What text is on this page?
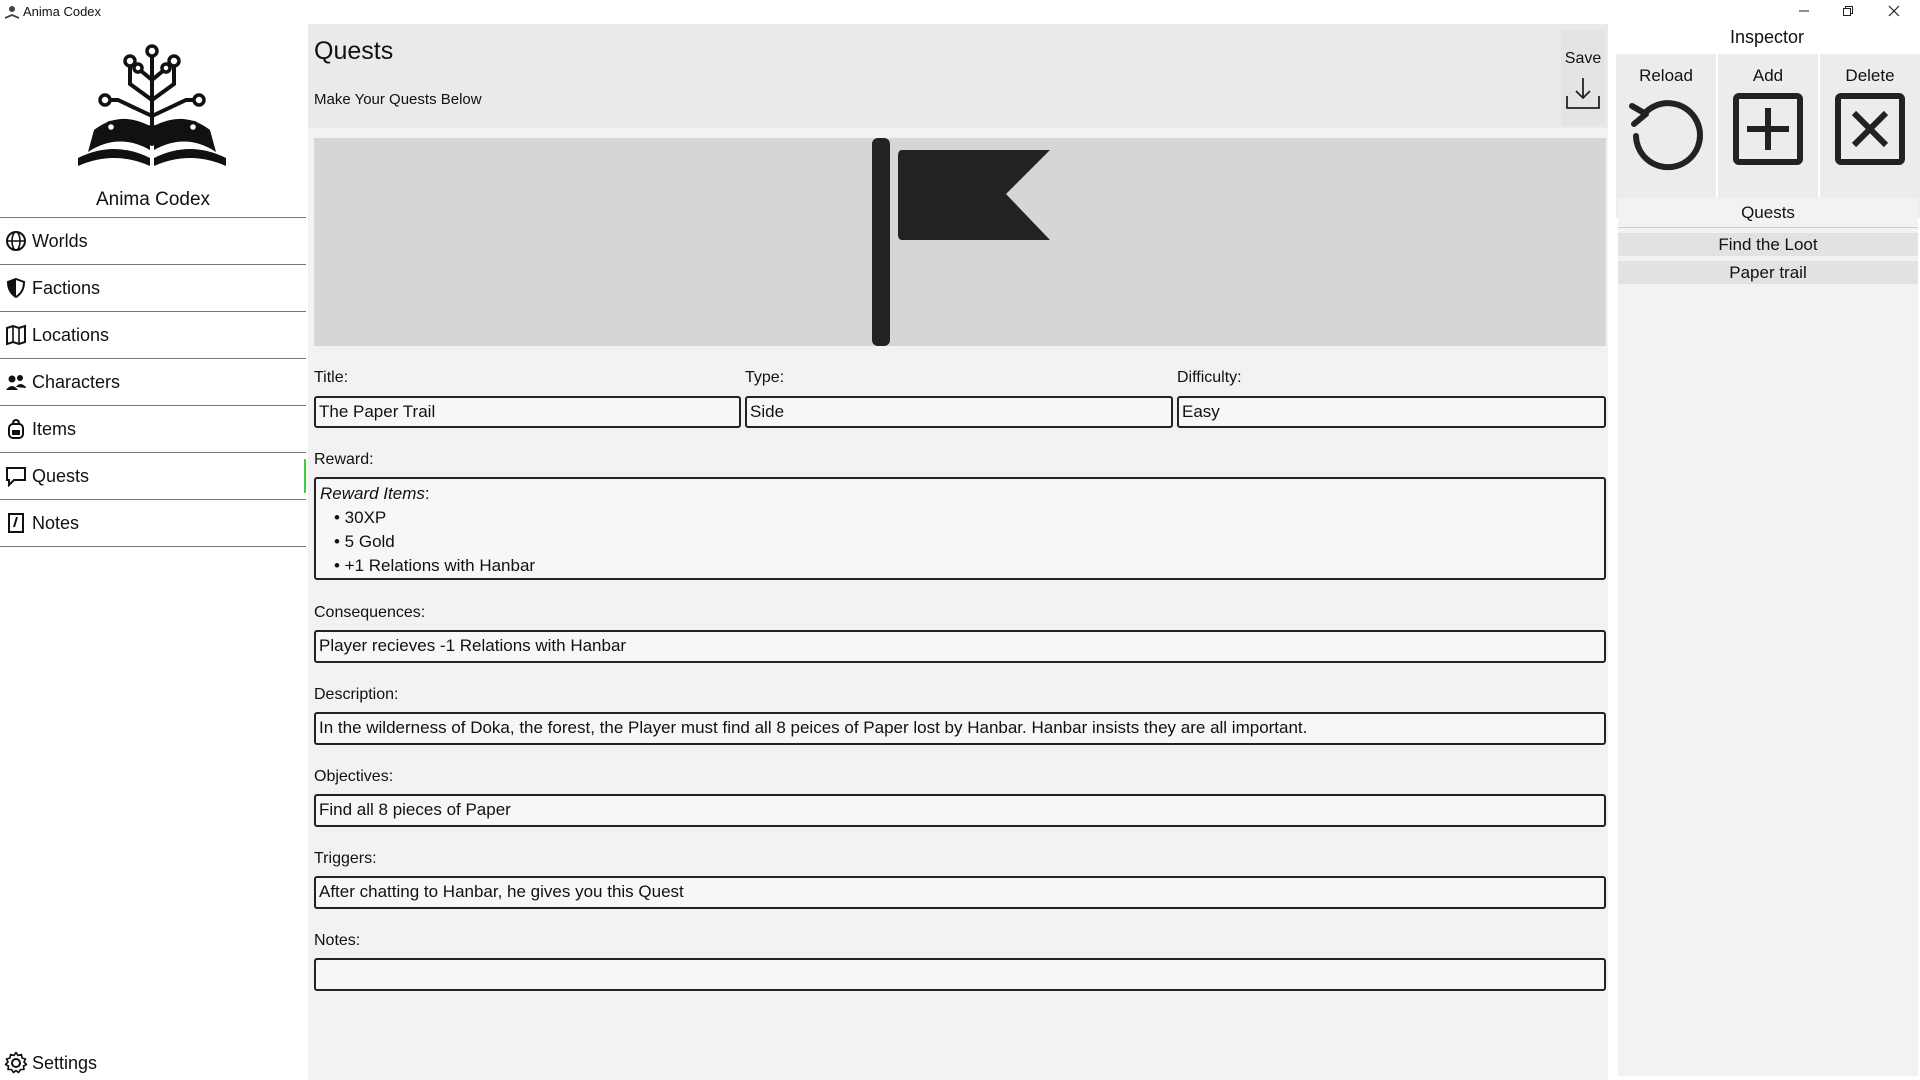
Anima Codex
Anima Codex
Worlds
Factions
Locations
Characters
Items
Quests
Notes
Settings
Quests
Make Your Quests Below
Save
Title:	Type:	Difficulty:
The Paper Trail	Side	Easy
Reward:
Reward Items:
• 30XP
• 5 Gold
• +1 Relations with Hanbar
Consequences:
Player recieves -1 Relations with Hanbar
Description:
In the wilderness of Doka, the forest, the Player must find all 8 peices of Paper lost by Hanbar. Hanbar insists they are all important.
Objectives:
Find all 8 pieces of Paper
Triggers:
After chatting to Hanbar, he gives you this Quest
Notes:
Inspector
Reload	Add	Delete
Quests
Find the Loot
Paper trail
